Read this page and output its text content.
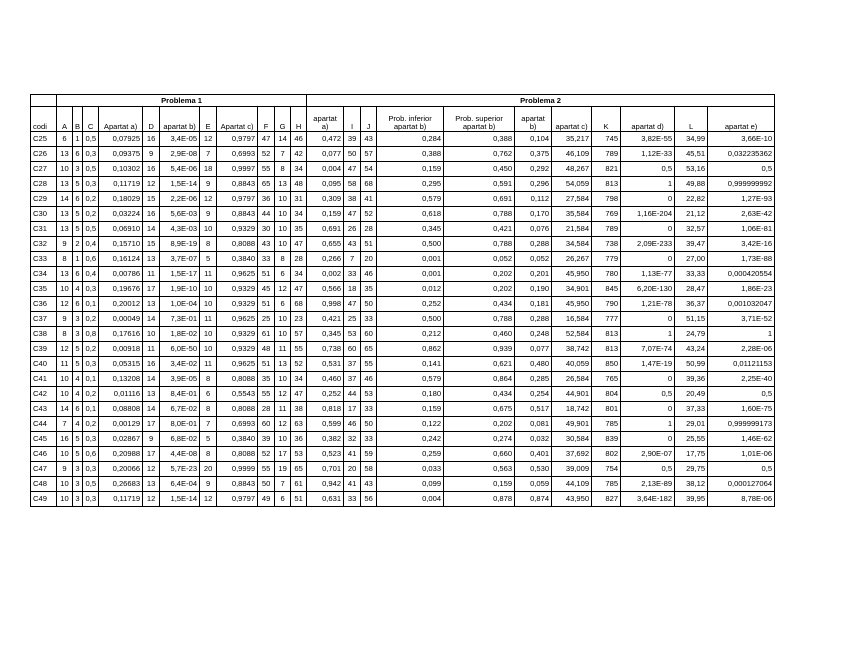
	Problema 1											Problema 2										
codi	A	B	C	Apartat a)	D	apartat b)	E	Apartat c)	F	G	H	apartat a)	I	J	Prob. inferior apartat b)	Prob. superior apartat b)	apartat b)	apartat c)	K	apartat d)	L	apartat e)
C25	6	1	0,5	0,07925	16	3,4E-05	12	0,9797	47	14	46	0,472	39	43	0,284	0,388	0,104	35,217	745	3,82E-55	34,99	3,66E-10
C26	13	6	0,3	0,09375	9	2,9E-08	7	0,6993	52	7	42	0,077	50	57	0,388	0,762	0,375	46,109	789	1,12E-33	45,51	0,032235362
C27	10	3	0,5	0,10302	16	5,4E-06	18	0,9997	55	8	34	0,004	47	54	0,159	0,450	0,292	48,267	821	0,5	53,16	0,5
C28	13	5	0,3	0,11719	12	1,5E-14	9	0,8843	65	13	48	0,095	58	68	0,295	0,591	0,296	54,059	813	1	49,88	0,999999992
C29	14	6	0,2	0,18029	15	2,2E-06	12	0,9797	36	10	31	0,309	38	41	0,579	0,691	0,112	27,584	798	0	22,82	1,27E-93
C30	13	5	0,2	0,03224	16	5,6E-03	9	0,8843	44	10	34	0,159	47	52	0,618	0,788	0,170	35,584	769	1,16E-204	21,12	2,63E-42
C31	13	5	0,5	0,06910	14	4,3E-03	10	0,9329	30	10	35	0,691	26	28	0,345	0,421	0,076	21,584	789	0	32,57	1,06E-81
C32	9	2	0,4	0,15710	15	8,9E-19	8	0,8088	43	10	47	0,655	43	51	0,500	0,788	0,288	34,584	738	2,09E-233	39,47	3,42E-16
C33	8	1	0,6	0,16124	13	3,7E-07	5	0,3840	33	8	28	0,266	7	20	0,001	0,052	0,052	26,267	779	0	27,00	1,73E-88
C34	13	6	0,4	0,00786	11	1,5E-17	11	0,9625	51	6	34	0,002	33	46	0,001	0,202	0,201	45,950	780	1,13E-77	33,33	0,000420554
C35	10	4	0,3	0,19676	17	1,9E-10	10	0,9329	45	12	47	0,566	18	35	0,012	0,202	0,190	34,901	845	6,20E-130	28,47	1,86E-23
C36	12	6	0,1	0,20012	13	1,0E-04	10	0,9329	51	6	68	0,998	47	50	0,252	0,434	0,181	45,950	790	1,21E-78	36,37	0,001032047
C37	9	3	0,2	0,00049	14	7,3E-01	11	0,9625	25	10	23	0,421	25	33	0,500	0,788	0,288	16,584	777	0	51,15	3,71E-52
C38	8	3	0,8	0,17616	10	1,8E-02	10	0,9329	61	10	57	0,345	53	60	0,212	0,460	0,248	52,584	813	1	24,79	1
C39	12	5	0,2	0,00918	11	6,0E-50	10	0,9329	48	11	55	0,738	60	65	0,862	0,939	0,077	38,742	813	7,07E-74	43,24	2,28E-06
C40	11	5	0,3	0,05315	16	3,4E-02	11	0,9625	51	13	52	0,531	37	55	0,141	0,621	0,480	40,059	850	1,47E-19	50,99	0,01121153
C41	10	4	0,1	0,13208	14	3,9E-05	8	0,8088	35	10	34	0,460	37	46	0,579	0,864	0,285	26,584	765	0	39,36	2,25E-40
C42	10	4	0,2	0,01116	13	8,4E-01	6	0,5543	55	12	47	0,252	44	53	0,180	0,434	0,254	44,901	804	0,5	20,49	0,5
C43	14	6	0,1	0,08808	14	6,7E-02	8	0,8088	28	11	38	0,818	17	33	0,159	0,675	0,517	18,742	801	0	37,33	1,60E-75
C44	7	4	0,2	0,00129	17	8,0E-01	7	0,6993	60	12	63	0,599	46	50	0,122	0,202	0,081	49,901	785	1	29,01	0,999999173
C45	16	5	0,3	0,02867	9	6,8E-02	5	0,3840	39	10	36	0,382	32	33	0,242	0,274	0,032	30,584	839	0	25,55	1,46E-62
C46	10	5	0,6	0,20988	17	4,4E-08	8	0,8088	52	17	53	0,523	41	59	0,259	0,660	0,401	37,692	802	2,90E-07	17,75	1,01E-06
C47	9	3	0,3	0,20066	12	5,7E-23	20	0,9999	55	19	65	0,701	20	58	0,033	0,563	0,530	39,009	754	0,5	29,75	0,5
C48	10	3	0,5	0,26683	13	6,4E-04	9	0,8843	50	7	61	0,942	41	43	0,099	0,159	0,059	44,109	785	2,13E-89	38,12	0,000127064
C49	10	3	0,3	0,11719	12	1,5E-14	12	0,9797	49	6	51	0,631	33	56	0,004	0,878	0,874	43,950	827	3,64E-182	39,95	8,78E-06
